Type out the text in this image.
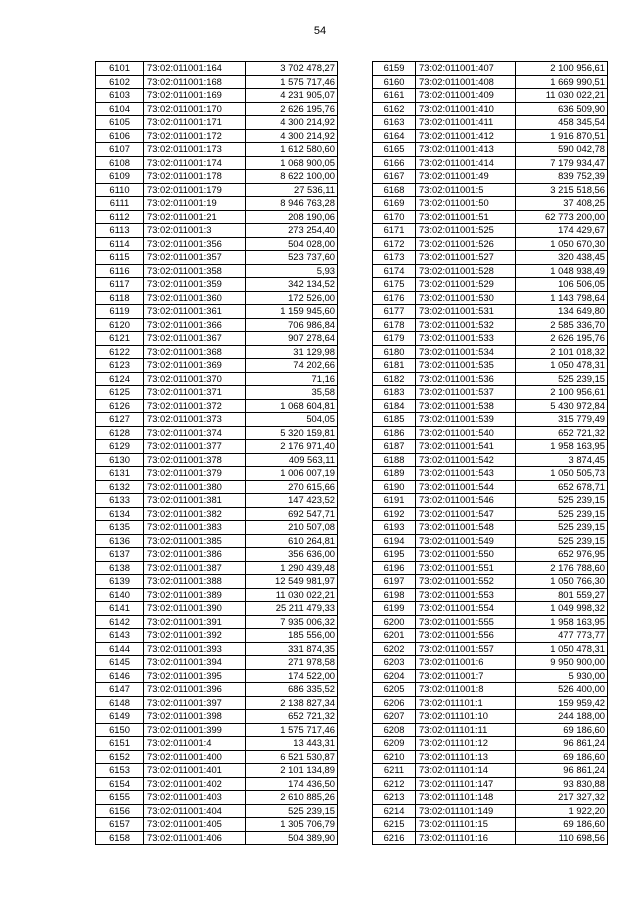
54
6101	73:02:011001:164	3 702 478,27
6102	73:02:011001:168	1 575 717,46
6103	73:02:011001:169	4 231 905,07
6104	73:02:011001:170	2 626 195,76
6105	73:02:011001:171	4 300 214,92
6106	73:02:011001:172	4 300 214,92
6107	73:02:011001:173	1 612 580,60
6108	73:02:011001:174	1 068 900,05
6109	73:02:011001:178	8 622 100,00
6110	73:02:011001:179	27 536,11
6111	73:02:011001:19	8 946 763,28
6112	73:02:011001:21	208 190,06
6113	73:02:011001:3	273 254,40
6114	73:02:011001:356	504 028,00
6115	73:02:011001:357	523 737,60
6116	73:02:011001:358	5,93
6117	73:02:011001:359	342 134,52
6118	73:02:011001:360	172 526,00
6119	73:02:011001:361	1 159 945,60
6120	73:02:011001:366	706 986,84
6121	73:02:011001:367	907 278,64
6122	73:02:011001:368	31 129,98
6123	73:02:011001:369	74 202,66
6124	73:02:011001:370	71,16
6125	73:02:011001:371	35,58
6126	73:02:011001:372	1 068 604,81
6127	73:02:011001:373	504,05
6128	73:02:011001:374	5 320 159,81
6129	73:02:011001:377	2 176 971,40
6130	73:02:011001:378	409 563,11
6131	73:02:011001:379	1 006 007,19
6132	73:02:011001:380	270 615,66
6133	73:02:011001:381	147 423,52
6134	73:02:011001:382	692 547,71
6135	73:02:011001:383	210 507,08
6136	73:02:011001:385	610 264,81
6137	73:02:011001:386	356 636,00
6138	73:02:011001:387	1 290 439,48
6139	73:02:011001:388	12 549 981,97
6140	73:02:011001:389	11 030 022,21
6141	73:02:011001:390	25 211 479,33
6142	73:02:011001:391	7 935 006,32
6143	73:02:011001:392	185 556,00
6144	73:02:011001:393	331 874,35
6145	73:02:011001:394	271 978,58
6146	73:02:011001:395	174 522,00
6147	73:02:011001:396	686 335,52
6148	73:02:011001:397	2 138 827,34
6149	73:02:011001:398	652 721,32
6150	73:02:011001:399	1 575 717,46
6151	73:02:011001:4	13 443,31
6152	73:02:011001:400	6 521 530,87
6153	73:02:011001:401	2 101 134,89
6154	73:02:011001:402	174 436,50
6155	73:02:011001:403	2 610 885,26
6156	73:02:011001:404	525 239,15
6157	73:02:011001:405	1 305 706,79
6158	73:02:011001:406	504 389,90
6159	73:02:011001:407	2 100 956,61
6160	73:02:011001:408	1 669 990,51
6161	73:02:011001:409	11 030 022,21
6162	73:02:011001:410	636 509,90
6163	73:02:011001:411	458 345,54
6164	73:02:011001:412	1 916 870,51
6165	73:02:011001:413	590 042,78
6166	73:02:011001:414	7 179 934,47
6167	73:02:011001:49	839 752,39
6168	73:02:011001:5	3 215 518,56
6169	73:02:011001:50	37 408,25
6170	73:02:011001:51	62 773 200,00
6171	73:02:011001:525	174 429,67
6172	73:02:011001:526	1 050 670,30
6173	73:02:011001:527	320 438,45
6174	73:02:011001:528	1 048 938,49
6175	73:02:011001:529	106 506,05
6176	73:02:011001:530	1 143 798,64
6177	73:02:011001:531	134 649,80
6178	73:02:011001:532	2 585 336,70
6179	73:02:011001:533	2 626 195,76
6180	73:02:011001:534	2 101 018,32
6181	73:02:011001:535	1 050 478,31
6182	73:02:011001:536	525 239,15
6183	73:02:011001:537	2 100 956,61
6184	73:02:011001:538	5 430 972,84
6185	73:02:011001:539	315 779,49
6186	73:02:011001:540	652 721,32
6187	73:02:011001:541	1 958 163,95
6188	73:02:011001:542	3 874,45
6189	73:02:011001:543	1 050 505,73
6190	73:02:011001:544	652 678,71
6191	73:02:011001:546	525 239,15
6192	73:02:011001:547	525 239,15
6193	73:02:011001:548	525 239,15
6194	73:02:011001:549	525 239,15
6195	73:02:011001:550	652 976,95
6196	73:02:011001:551	2 176 788,60
6197	73:02:011001:552	1 050 766,30
6198	73:02:011001:553	801 559,27
6199	73:02:011001:554	1 049 998,32
6200	73:02:011001:555	1 958 163,95
6201	73:02:011001:556	477 773,77
6202	73:02:011001:557	1 050 478,31
6203	73:02:011001:6	9 950 900,00
6204	73:02:011001:7	5 930,00
6205	73:02:011001:8	526 400,00
6206	73:02:011101:1	159 959,42
6207	73:02:011101:10	244 188,00
6208	73:02:011101:11	69 186,60
6209	73:02:011101:12	96 861,24
6210	73:02:011101:13	69 186,60
6211	73:02:011101:14	96 861,24
6212	73:02:011101:147	93 830,88
6213	73:02:011101:148	217 327,32
6214	73:02:011101:149	1 922,20
6215	73:02:011101:15	69 186,60
6216	73:02:011101:16	110 698,56
